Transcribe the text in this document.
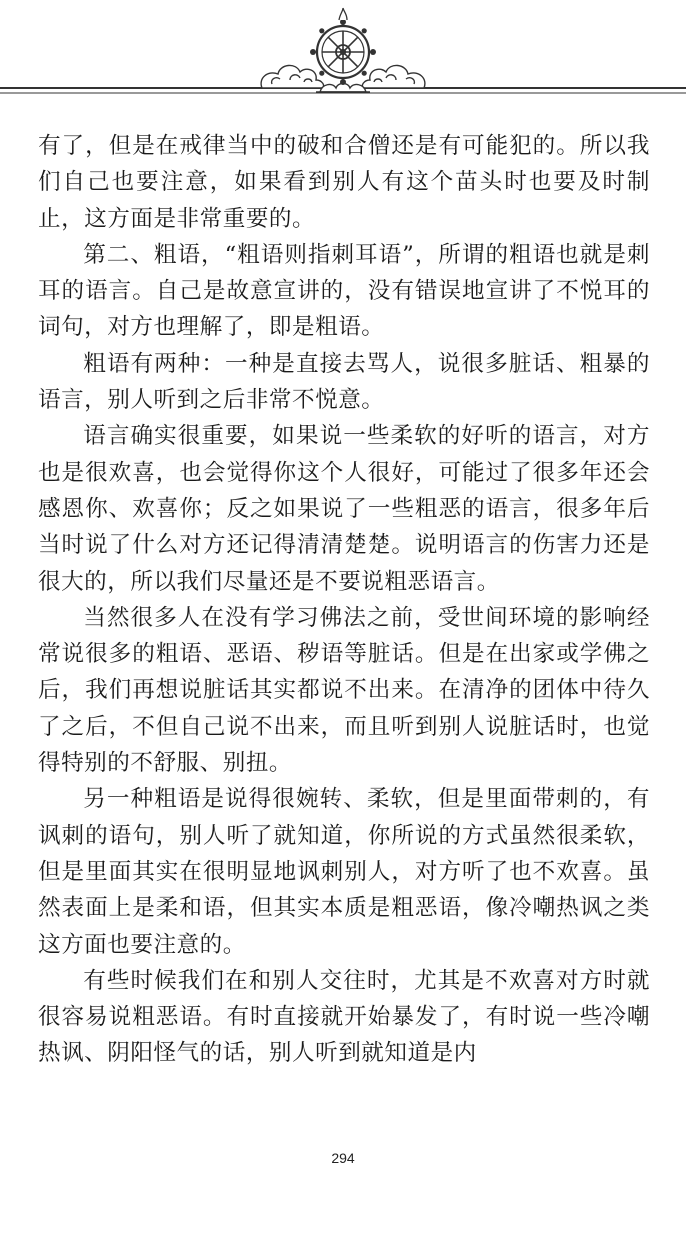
有了，但是在戒律当中的破和合僧还是有可能犯的。所以我们自己也要注意，如果看到别人有这个苗头时也要及时制止，这方面是非常重要的。

第二、粗语，“粗语则指刺耳语”，所谓的粗语也就是刺耳的语言。自己是故意宣讲的，没有错误地宣讲了不悦耳的词句，对方也理解了，即是粗语。

粗语有两种：一种是直接去骂人，说很多脏话、粗暴的语言，别人听到之后非常不悦意。

语言确实很重要，如果说一些柔软的好听的语言，对方也是很欢喜，也会觉得你这个人很好，可能过了很多年还会感恩你、欢喜你；反之如果说了一些粗恶的语言，很多年后当时说了什么对方还记得清清楚楚。说明语言的伤害力还是很大的，所以我们尽量还是不要说粗恶语言。

当然很多人在没有学习佛法之前，受世间环境的影响经常说很多的粗语、恶语、秽语等脏话。但是在出家或学佛之后，我们再想说脏话其实都说不出来。在清净的团体中待久了之后，不但自己说不出来，而且听到别人说脏话时，也觉得特别的不舒服、别扭。

另一种粗语是说得很婉转、柔软，但是里面带刺的，有讽刺的语句，别人听了就知道，你所说的方式虽然很柔软，但是里面其实在很明显地讽刺别人，对方听了也不欢喜。虽然表面上是柔和语，但其实本质是粗恶语，像冷嘲热讽之类这方面也要注意的。

有些时候我们在和别人交往时，尤其是不欢喜对方时就很容易说粗恶语。有时直接就开始暴发了，有时说一些冷嘲热讽、阴阳怪气的话，别人听到就知道是内

294
